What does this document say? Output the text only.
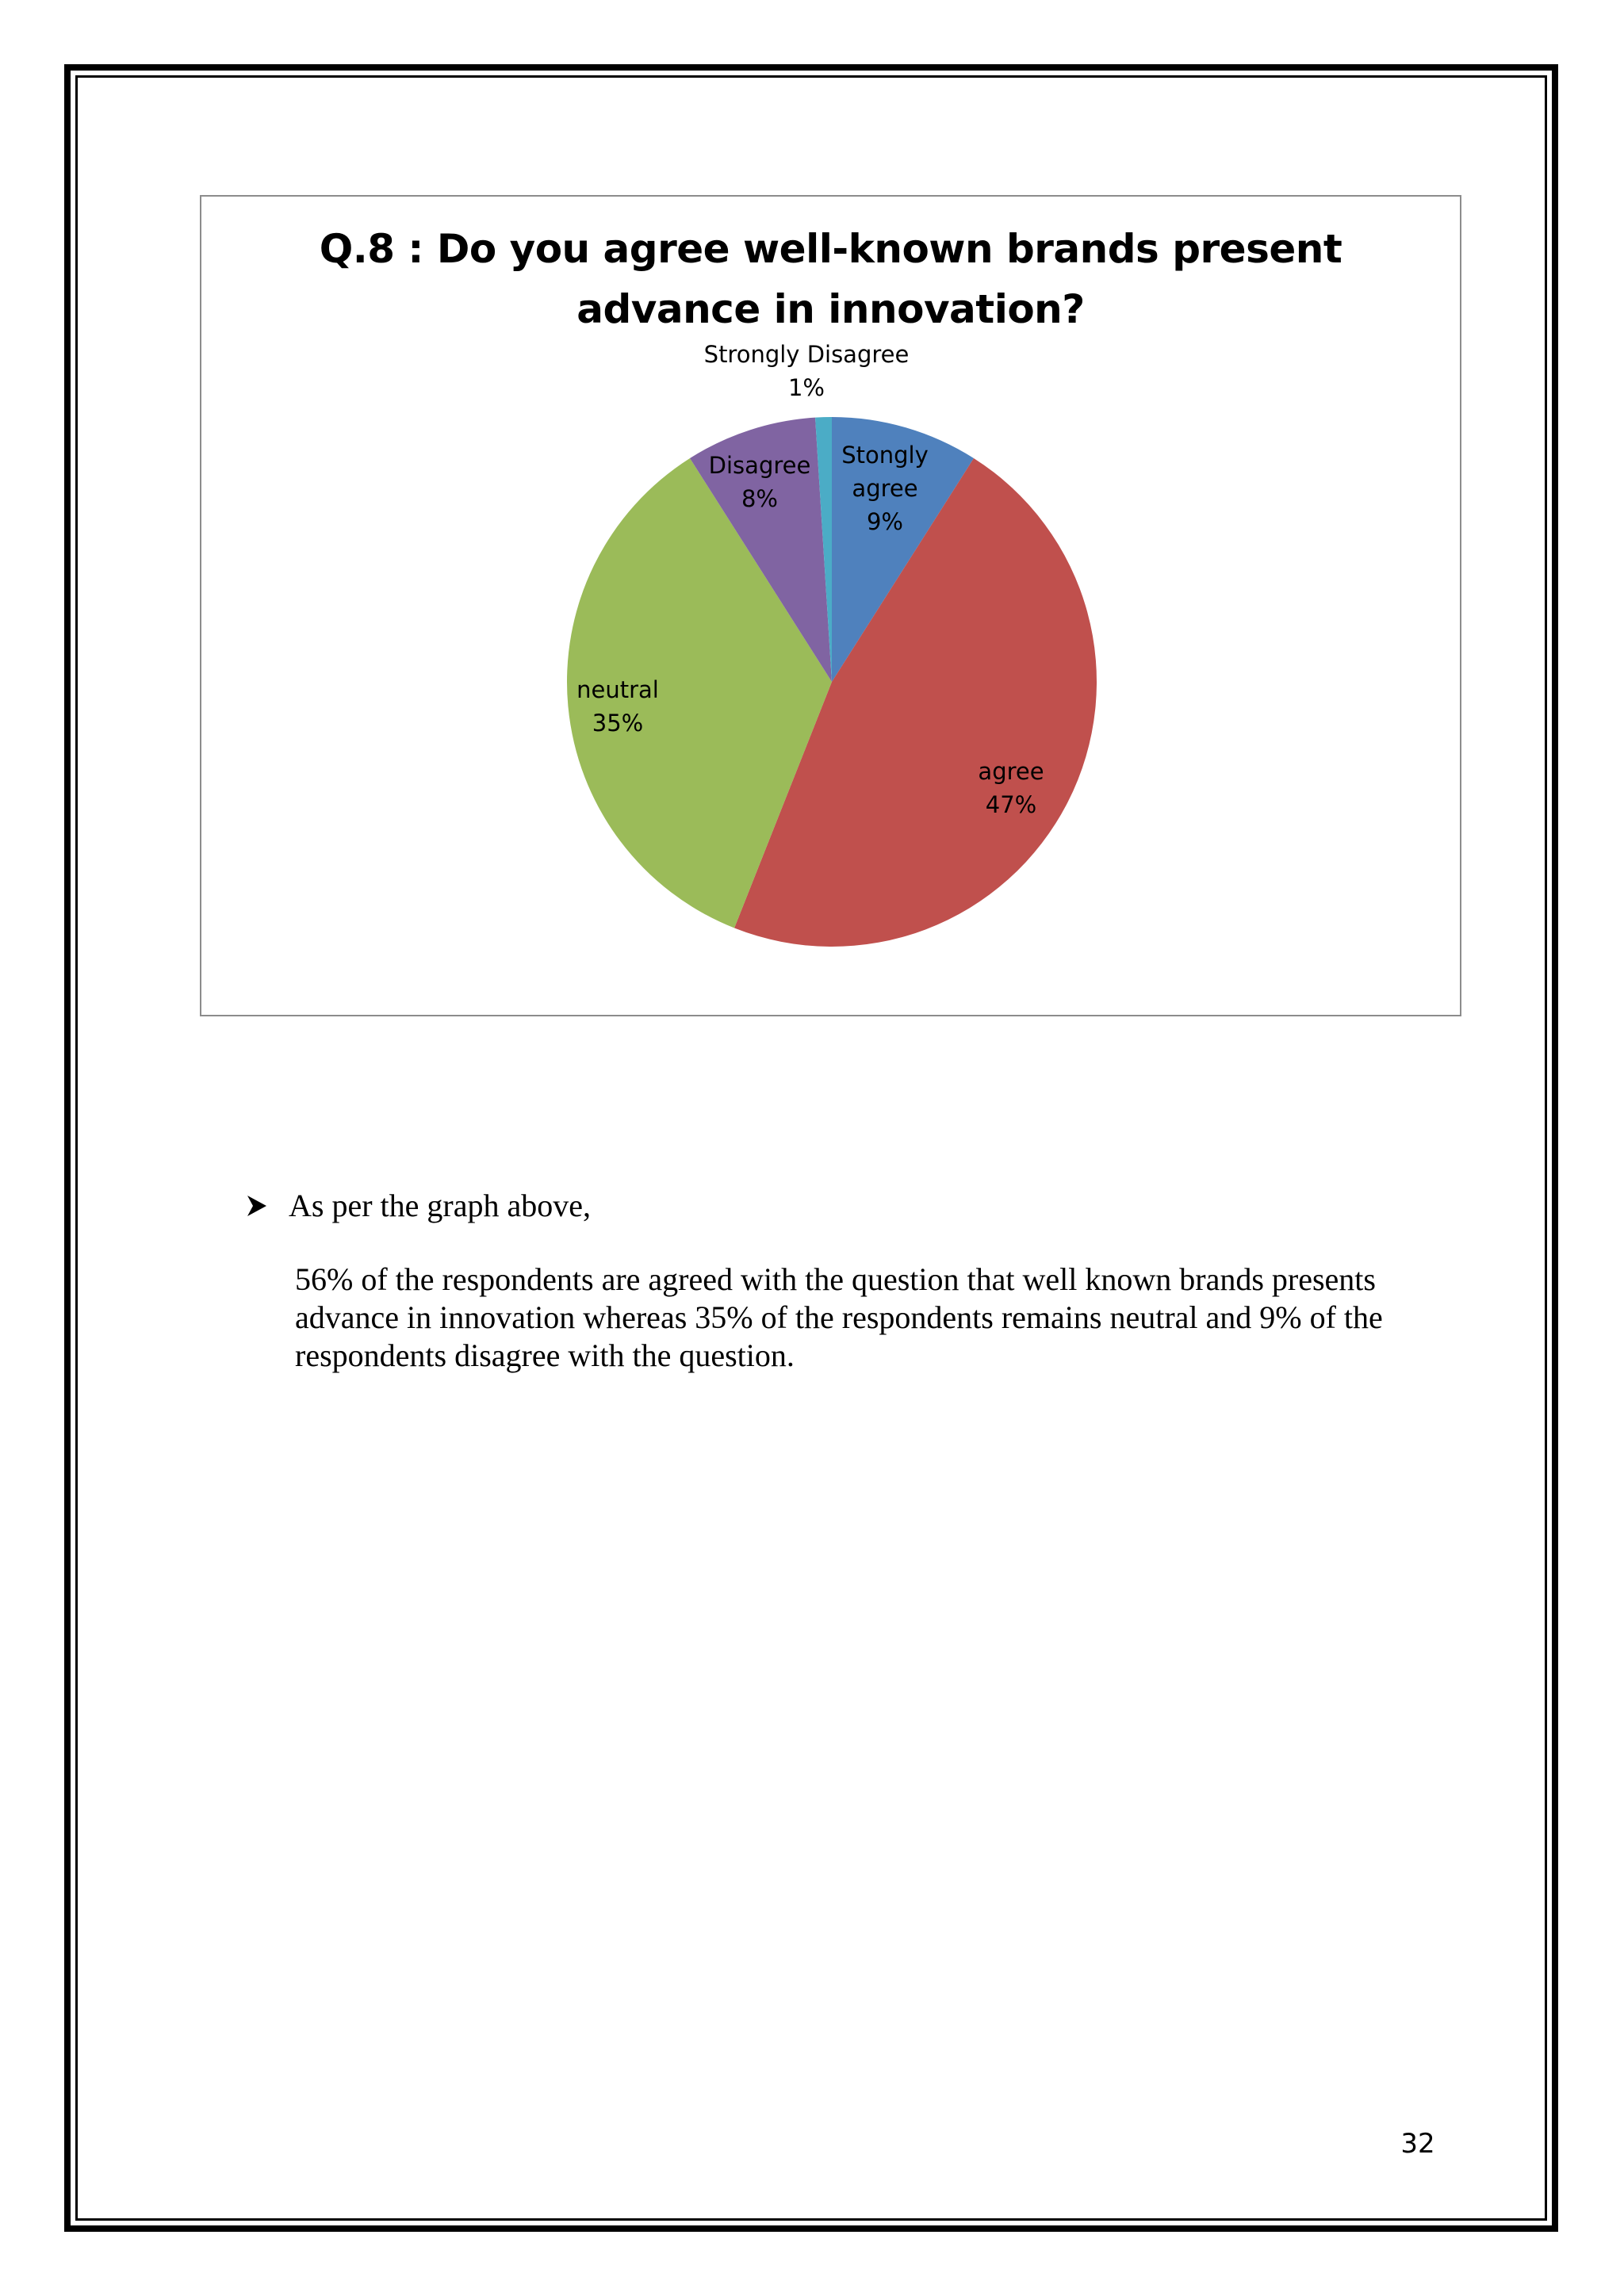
Q.8 : Do you agree well-known brands present
advance in innovation?
Stongly agree 9%
agree 47%
neutral 35%
Disagree 8%
Strongly Disagree 1%
As per the graph above,
56% of the respondents are agreed with the question that well known brands presents advance in innovation whereas 35% of the respondents remains neutral and 9% of the respondents disagree with the question.
32
